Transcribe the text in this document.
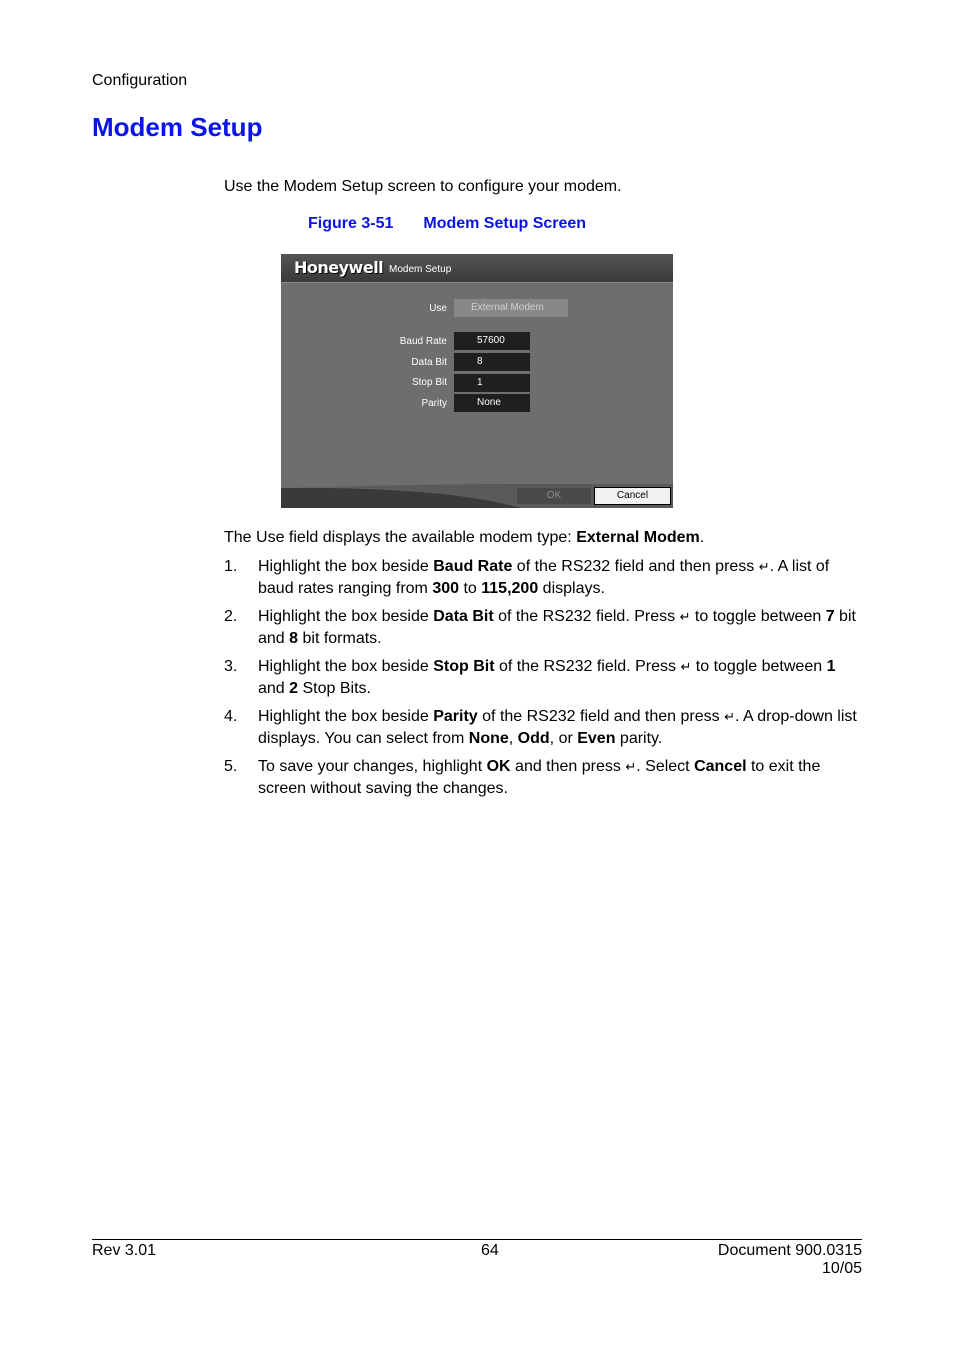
Configuration
Modem Setup
Use the Modem Setup screen to configure your modem.
Figure 3-51 Modem Setup Screen
Honeywell Modem Setup
Use	External Modem
Baud Rate	57600
Data Bit	8
Stop Bit	1
Parity	None
OK	Cancel
The Use field displays the available modem type: External Modem.
1. Highlight the box beside Baud Rate of the RS232 field and then press ↵. A list of baud rates ranging from 300 to 115,200 displays.
2. Highlight the box beside Data Bit of the RS232 field. Press ↵ to toggle between 7 bit and 8 bit formats.
3. Highlight the box beside Stop Bit of the RS232 field. Press ↵ to toggle between 1 and 2 Stop Bits.
4. Highlight the box beside Parity of the RS232 field and then press ↵. A drop-down list displays. You can select from None, Odd, or Even parity.
5. To save your changes, highlight OK and then press ↵. Select Cancel to exit the screen without saving the changes.
Rev 3.01	64	Document 900.0315
10/05
